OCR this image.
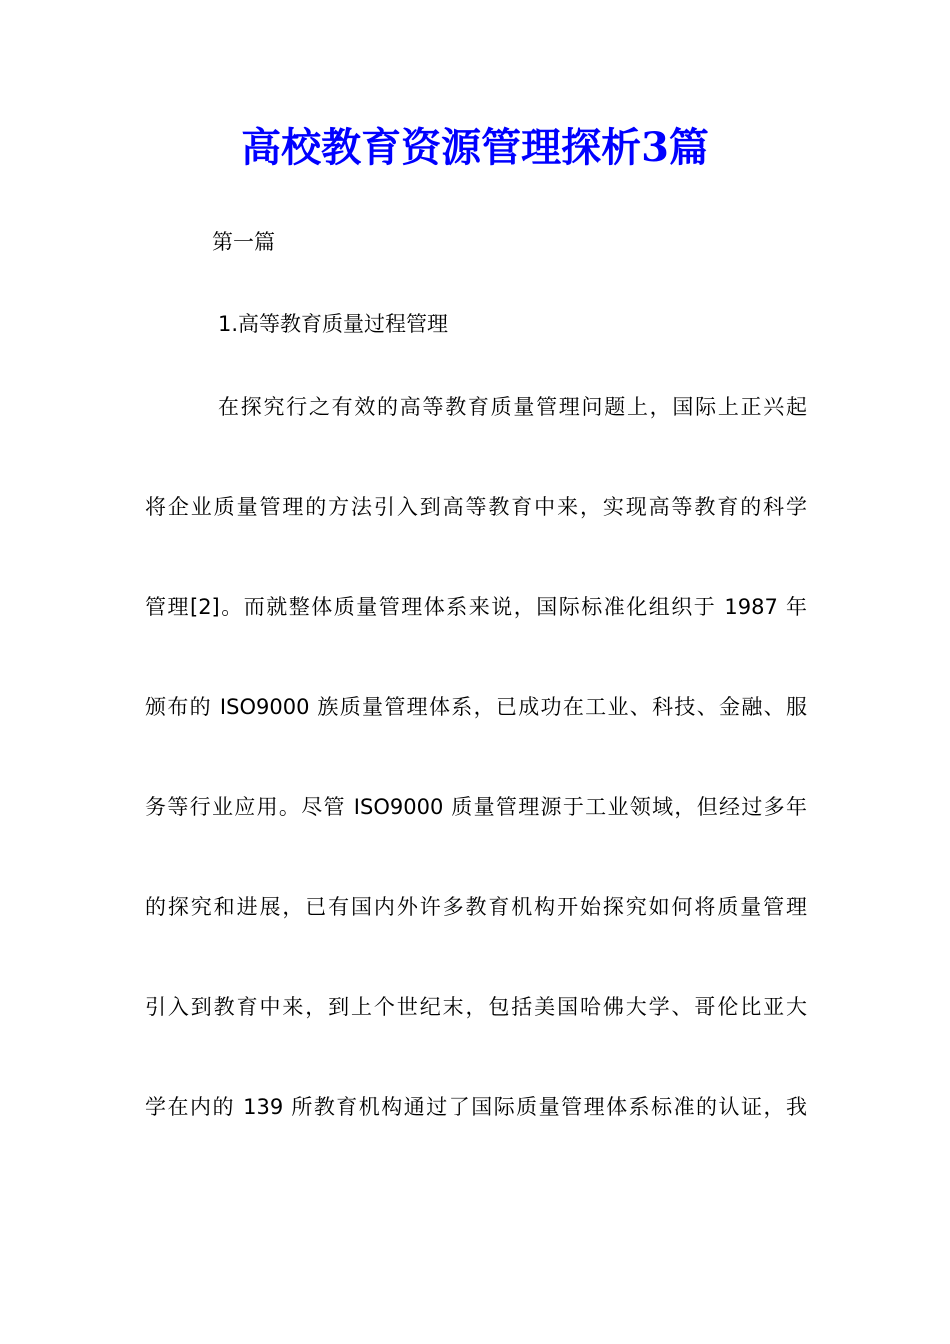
高校教育资源管理探析3篇
第一篇
1.高等教育质量过程管理
在探究行之有效的高等教育质量管理问题上，国际上正兴起
将企业质量管理的方法引入到高等教育中来，实现高等教育的科学
管理[2]。而就整体质量管理体系来说，国际标准化组织于 1987 年
颁布的 ISO9000 族质量管理体系，已成功在工业、科技、金融、服
务等行业应用。尽管 ISO9000 质量管理源于工业领域，但经过多年
的探究和进展，已有国内外许多教育机构开始探究如何将质量管理
引入到教育中来，到上个世纪末，包括美国哈佛大学、哥伦比亚大
学在内的 139 所教育机构通过了国际质量管理体系标准的认证，我
